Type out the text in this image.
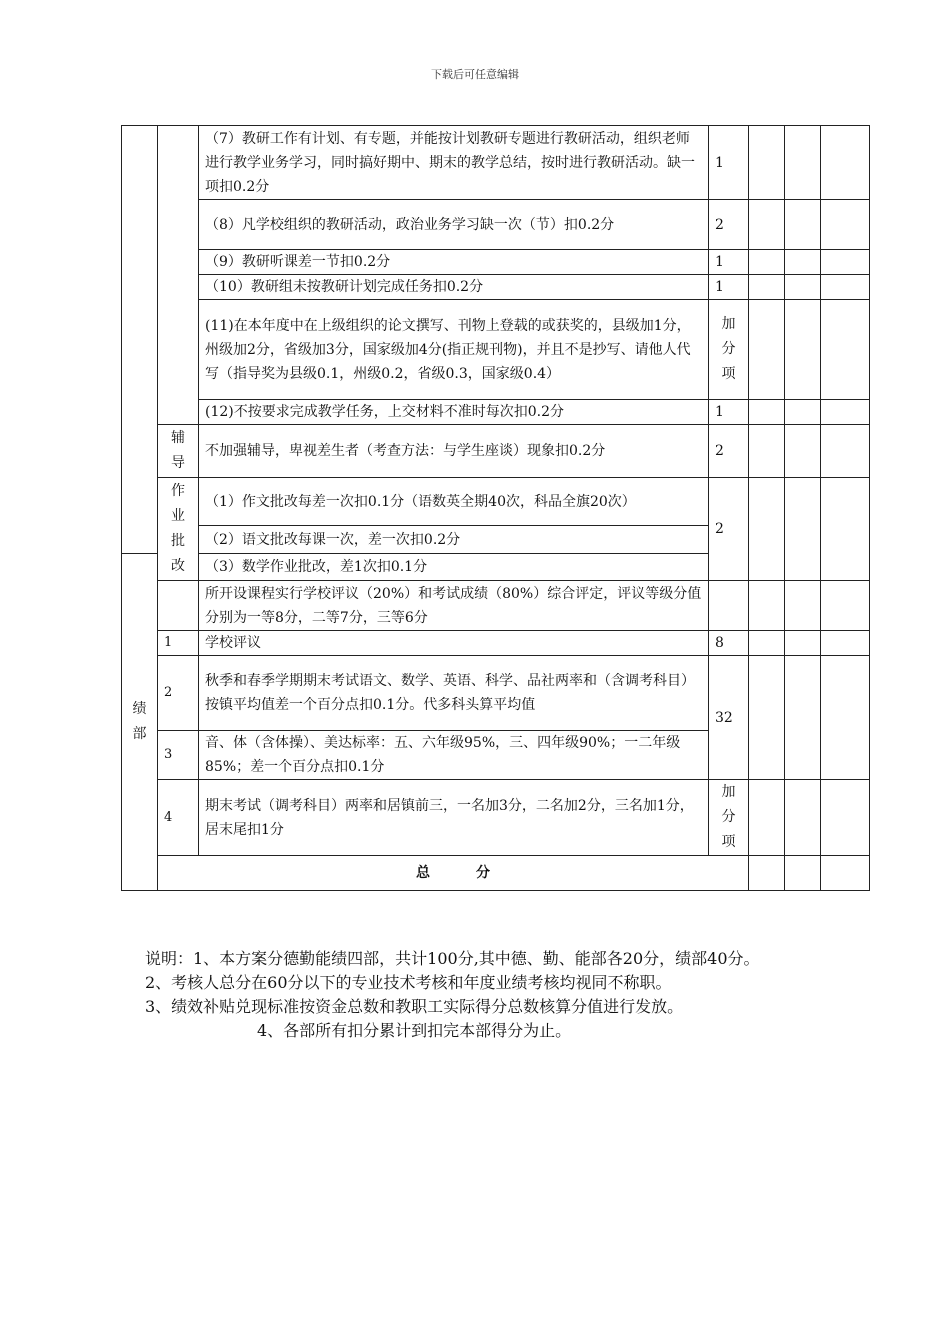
下载后可任意编辑
		（7）教研工作有计划、有专题，并能按计划教研专题进行教研活动，组织老师进行教学业务学习，同时搞好期中、期末的教学总结，按时进行教研活动。缺一项扣0.2分	1				
		（8）凡学校组织的教研活动，政治业务学习缺一次（节）扣0.2分	2				
		（9）教研听课差一节扣0.2分	1				
		（10）教研组未按教研计划完成任务扣0.2分	1				
		(11)在本年度中在上级组织的论文撰写、刊物上登载的或获奖的，县级加1分，州级加2分，省级加3分，国家级加4分(指正规刊物)，并且不是抄写、请他人代写（指导奖为县级0.1，州级0.2，省级0.3，国家级0.4）	加分项				

		(12)不按要求完成教学任务，上交材料不准时每次扣0.2分	1				

	辅导	不加强辅导，卑视差生者（考查方法：与学生座谈）现象扣0.2分	2				

	作业批改	（1）作文批改每差一次扣0.1分（语数英全期40次，科品全旗20次）	2				
		（2）语文批改每课一次，差一次扣0.2分					

绩部		（3）数学作业批改，差1次扣0.1分					
		所开设课程实行学校评议（20%）和考试成绩（80%）综合评定，评议等级分值分别为一等8分，二等7分，三等6分					
	1	学校评议	8				
	2	秋季和春季学期期末考试语文、数学、英语、科学、品社两率和（含调考科目）按镇平均值差一个百分点扣0.1分。代多科头算平均值	32				
	3	音、体（含体操）、美达标率：五、六年级95%，三、四年级90%；一二年级85%；差一个百分点扣0.1分					
	4	期末考试（调考科目）两率和居镇前三，一名加3分，二名加2分，三名加1分，居末尾扣1分	加分项				

	总 分						

说明：1、本方案分德勤能绩四部，共计100分,其中德、勤、能部各20分，绩部40分。

2、考核人总分在60分以下的专业技术考核和年度业绩考核均视同不称职。

3、绩效补贴兑现标准按资金总数和教职工实际得分总数核算分值进行发放。

4、各部所有扣分累计到扣完本部得分为止。
